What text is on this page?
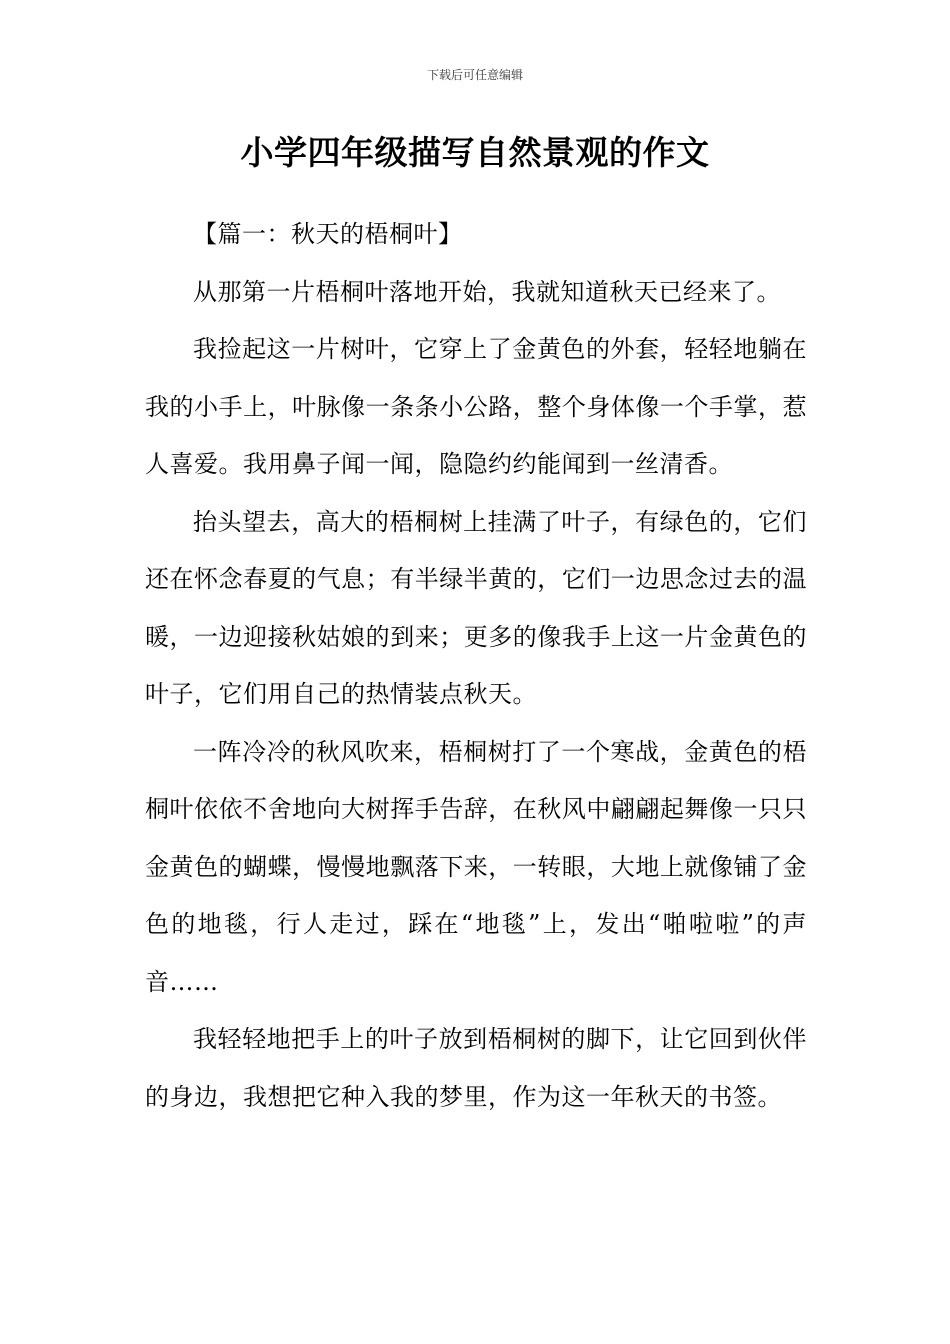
下载后可任意编辑
小学四年级描写自然景观的作文

【篇一：秋天的梧桐叶】

从那第一片梧桐叶落地开始，我就知道秋天已经来了。

我捡起这一片树叶，它穿上了金黄色的外套，轻轻地躺在我的小手上，叶脉像一条条小公路，整个身体像一个手掌，惹人喜爱。我用鼻子闻一闻，隐隐约约能闻到一丝清香。

抬头望去，高大的梧桐树上挂满了叶子，有绿色的，它们还在怀念春夏的气息；有半绿半黄的，它们一边思念过去的温暖，一边迎接秋姑娘的到来；更多的像我手上这一片金黄色的叶子，它们用自己的热情装点秋天。

一阵冷冷的秋风吹来，梧桐树打了一个寒战，金黄色的梧桐叶依依不舍地向大树挥手告辞，在秋风中翩翩起舞像一只只金黄色的蝴蝶，慢慢地飘落下来，一转眼，大地上就像铺了金色的地毯，行人走过，踩在“地毯”上，发出“啪啦啦”的声音……

我轻轻地把手上的叶子放到梧桐树的脚下，让它回到伙伴的身边，我想把它种入我的梦里，作为这一年秋天的书签。
